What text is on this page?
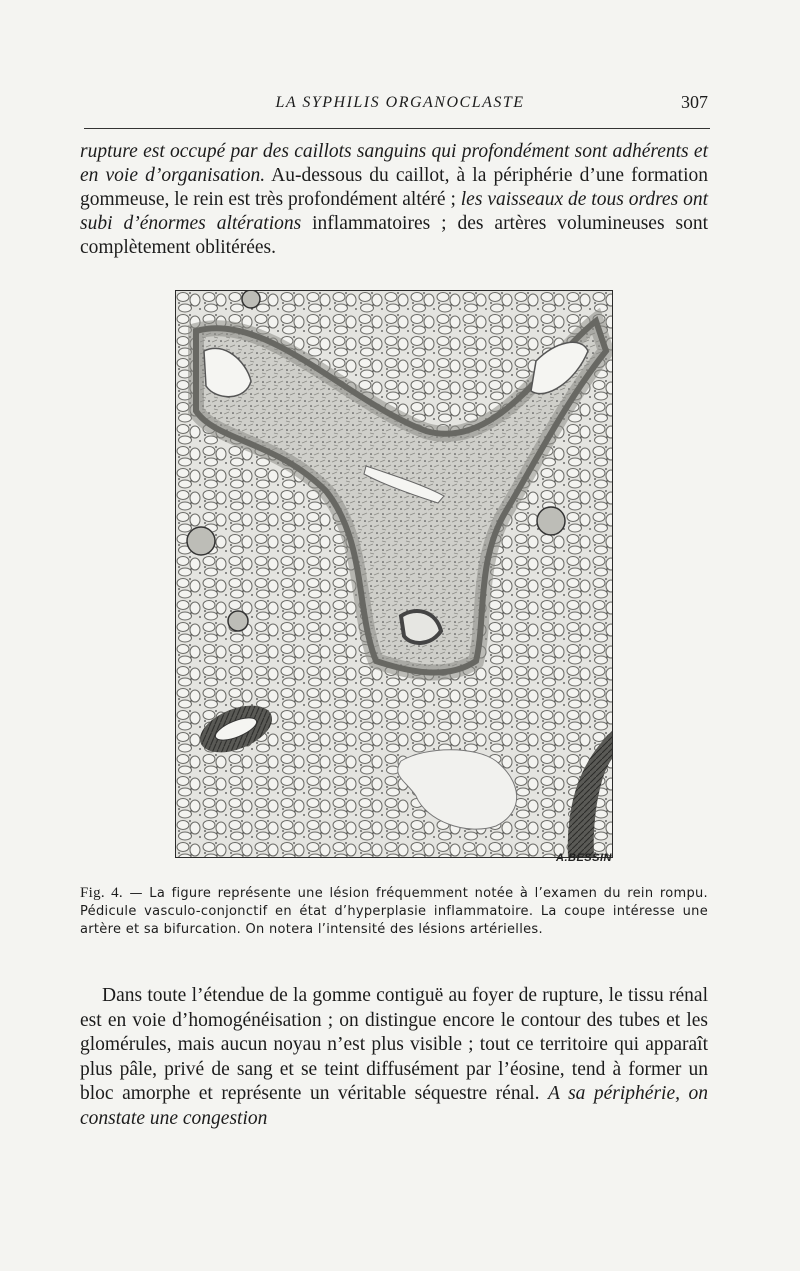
LA SYPHILIS ORGANOCLASTE	307

rupture est occupé par des caillots sanguins qui profondément sont adhérents et en voie d’organisation. Au-dessous du caillot, à la périphérie d’une formation gommeuse, le rein est très profondément altéré ; les vaisseaux de tous ordres ont subi d’énormes altérations inflammatoires ; des artères volumineuses sont complètement oblitérées.

A.BESSIN

Fig. 4. — La figure représente une lésion fréquemment notée à l’examen du rein rompu. Pédicule vasculo-conjonctif en état d’hyperplasie inflammatoire. La coupe intéresse une artère et sa bifurcation. On notera l’intensité des lésions artérielles.

Dans toute l’étendue de la gomme contiguë au foyer de rupture, le tissu rénal est en voie d’homogénéisation ; on distingue encore le contour des tubes et les glomérules, mais aucun noyau n’est plus visible ; tout ce territoire qui apparaît plus pâle, privé de sang et se teint diffusément par l’éosine, tend à former un bloc amorphe et représente un véritable séquestre rénal. A sa périphérie, on constate une congestion
